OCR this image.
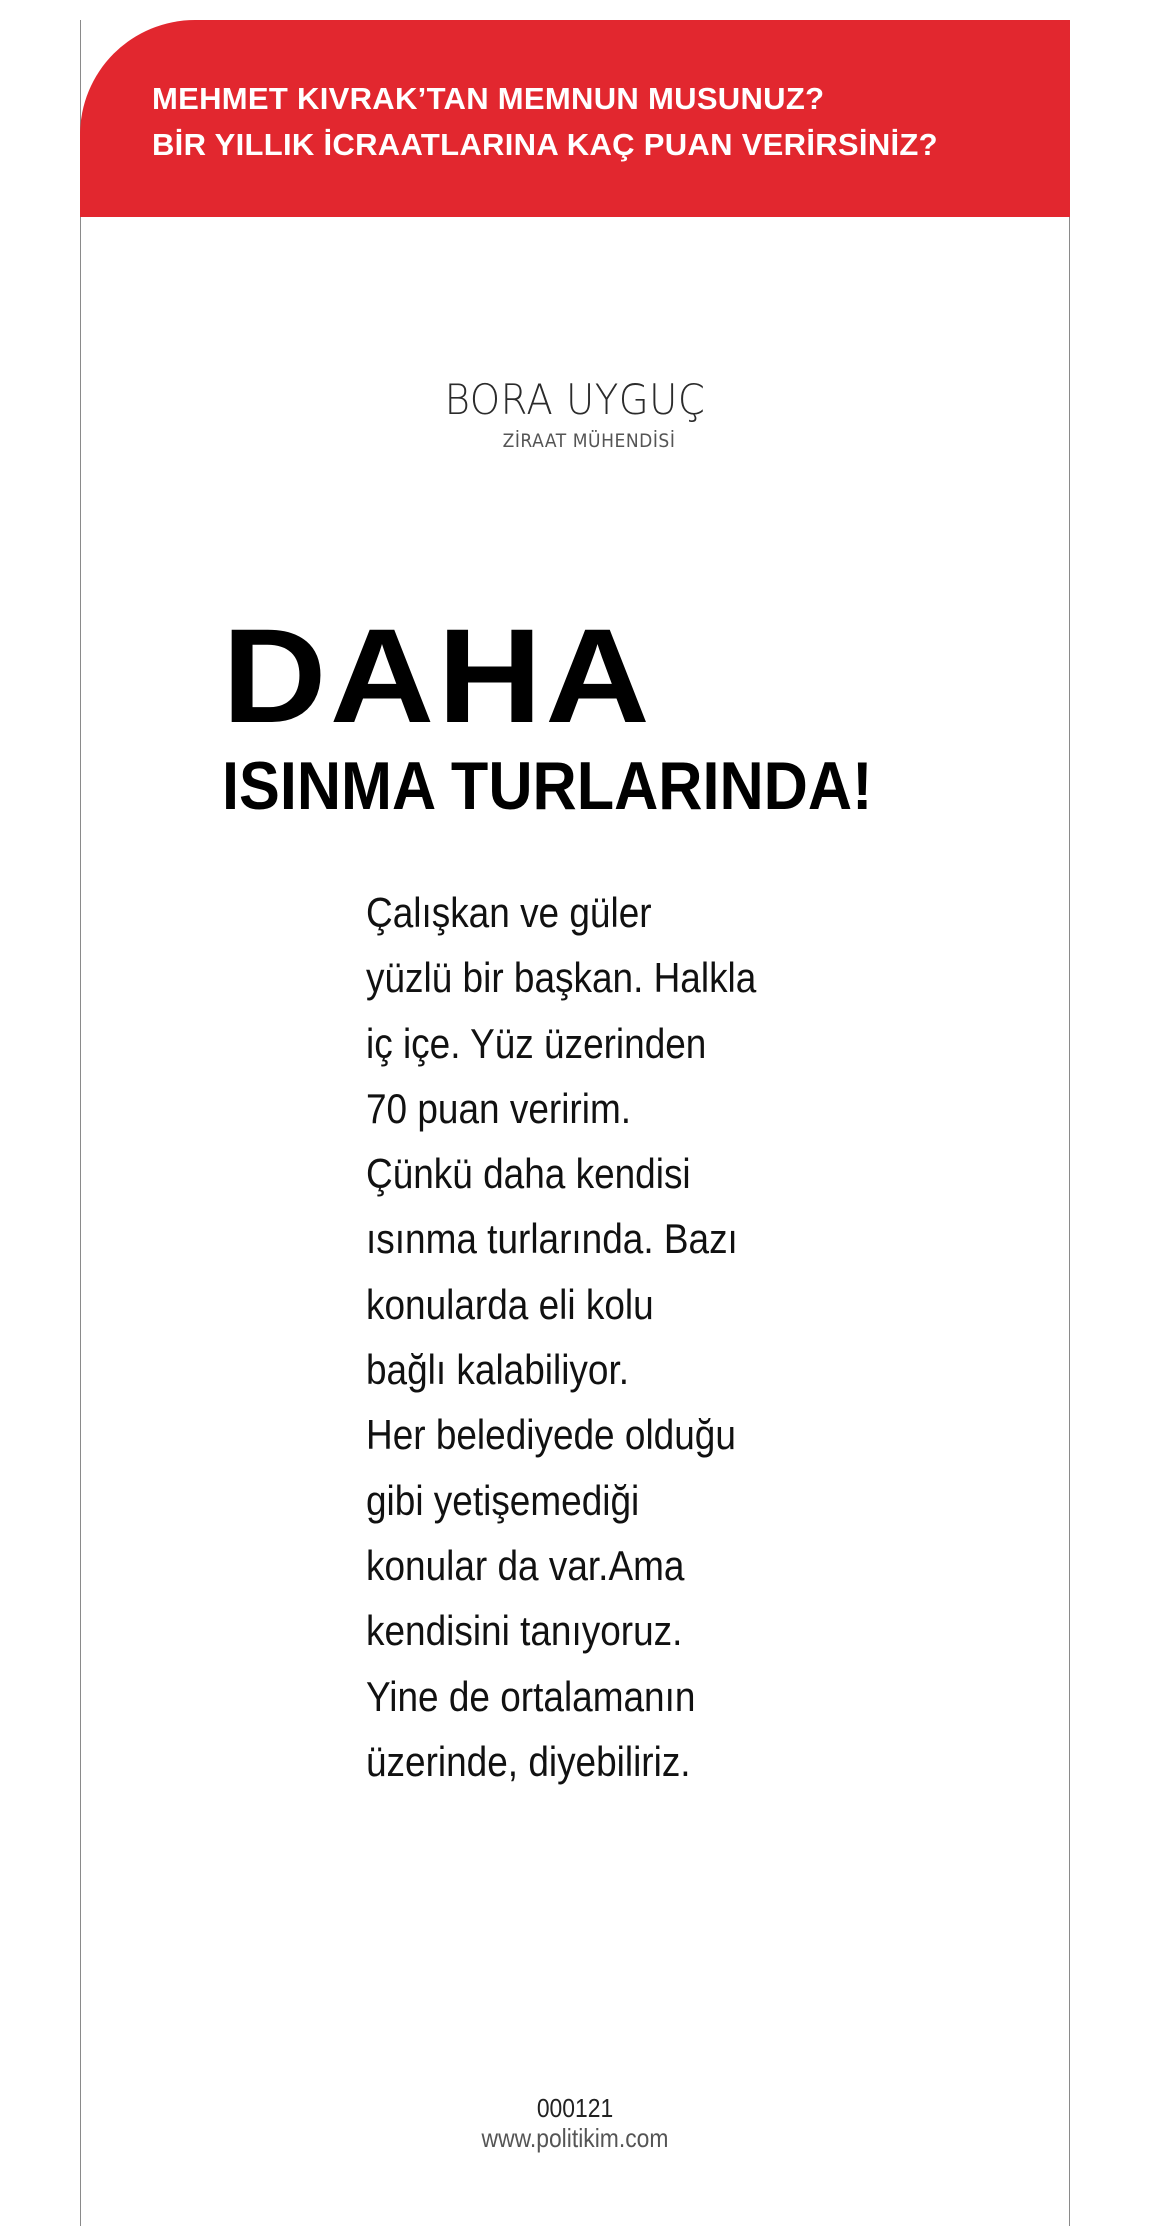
MEHMET KIVRAK’TAN MEMNUN MUSUNUZ?
BİR YILLIK İCRAATLARINA KAÇ PUAN VERİRSİNİZ?
BORA UYGUÇ
ZİRAAT MÜHENDİSİ
DAHA
ISINMA TURLARINDA!
Çalışkan ve güler
yüzlü bir başkan. Halkla
iç içe. Yüz üzerinden
70 puan veririm.
Çünkü daha kendisi
ısınma turlarında. Bazı
konularda eli kolu
bağlı kalabiliyor.
Her belediyede olduğu
gibi yetişemediği
konular da var.Ama
kendisini tanıyoruz.
Yine de ortalamanın
üzerinde, diyebiliriz.
000121
www.politikim.com
